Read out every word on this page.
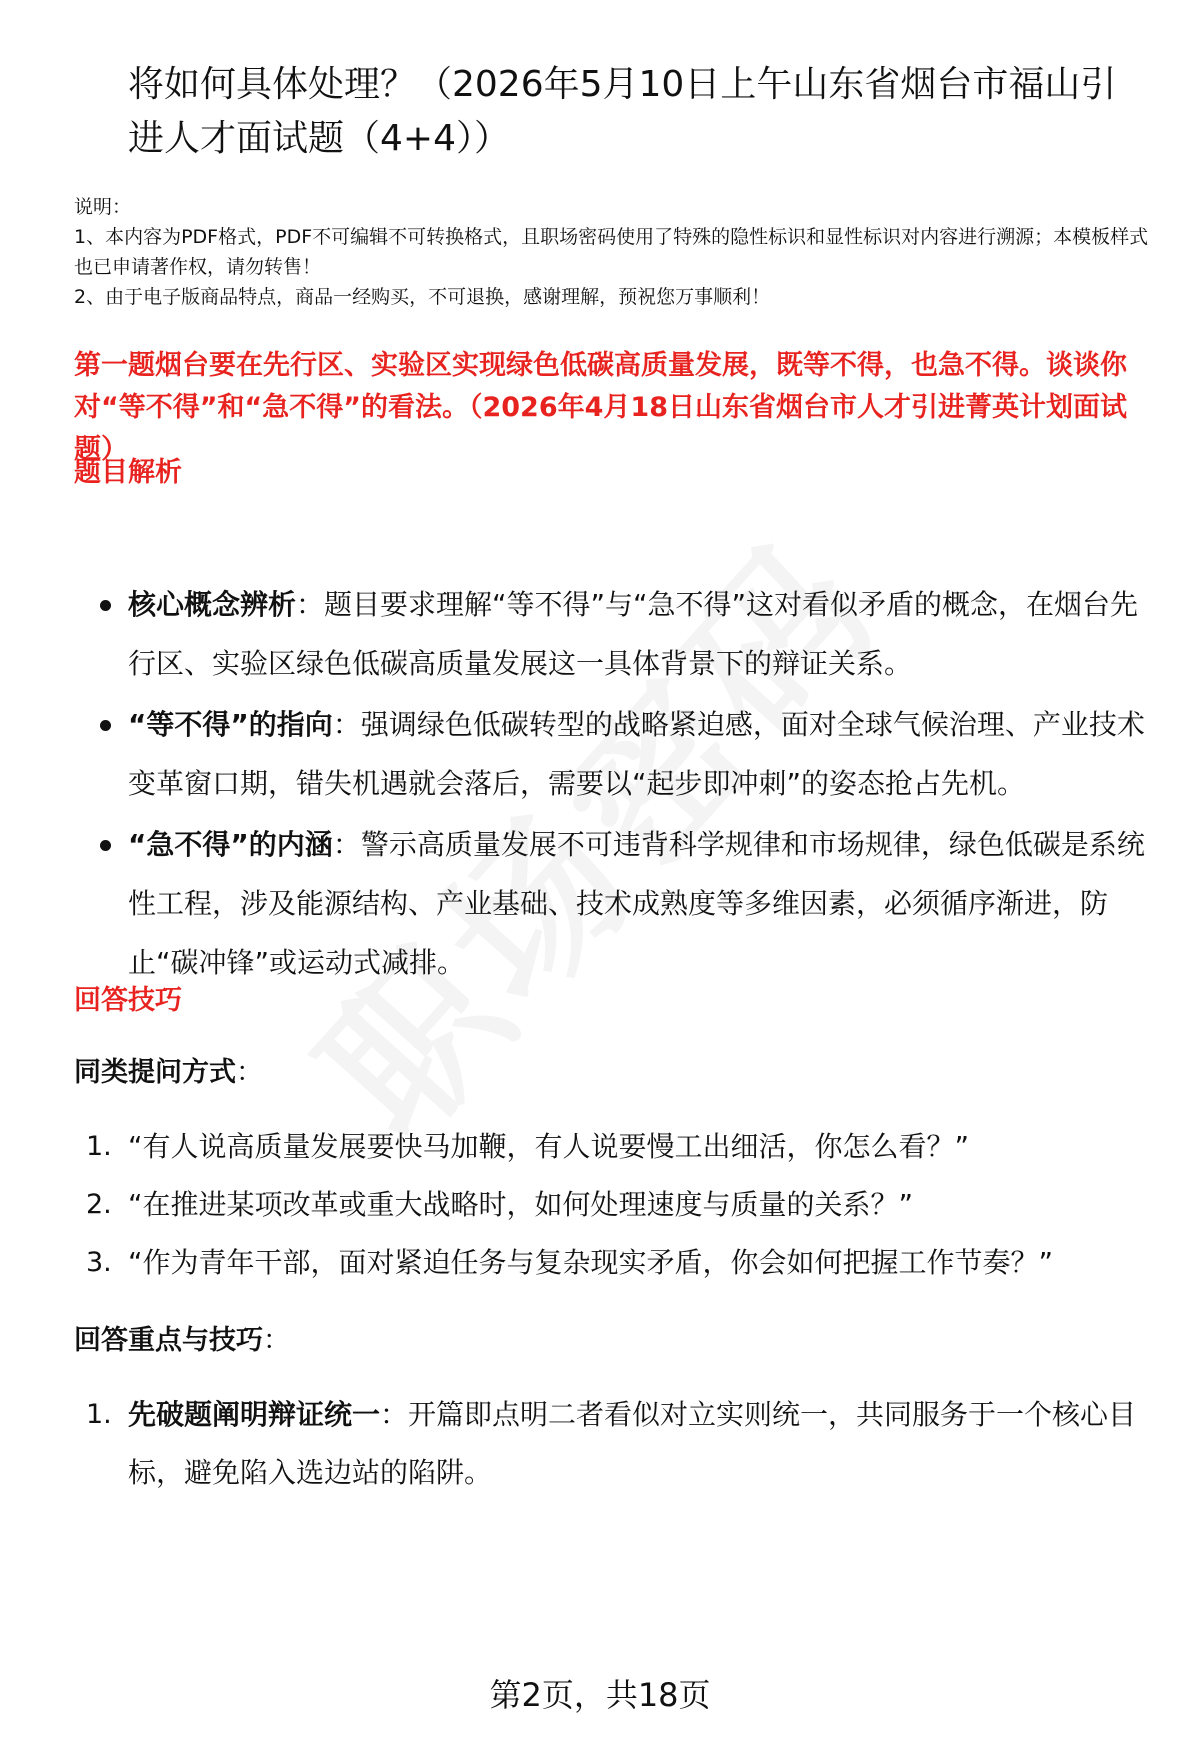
将如何具体处理？（2026年5月10日上午山东省烟台市福山引进人才面试题（4+4））
说明：
1、本内容为PDF格式，PDF不可编辑不可转换格式，且职场密码使用了特殊的隐性标识和显性标识对内容进行溯源；本模板样式也已申请著作权，请勿转售！
2、由于电子版商品特点，商品一经购买，不可退换，感谢理解，预祝您万事顺利！
第一题烟台要在先行区、实验区实现绿色低碳高质量发展，既等不得，也急不得。谈谈你对“等不得”和“急不得”的看法。（2026年4月18日山东省烟台市人才引进菁英计划面试题）
题目解析
核心概念辨析：题目要求理解“等不得”与“急不得”这对看似矛盾的概念，在烟台先行区、实验区绿色低碳高质量发展这一具体背景下的辩证关系。
“等不得”的指向：强调绿色低碳转型的战略紧迫感，面对全球气候治理、产业技术变革窗口期，错失机遇就会落后，需要以“起步即冲刺”的姿态抢占先机。
“急不得”的内涵：警示高质量发展不可违背科学规律和市场规律，绿色低碳是系统性工程，涉及能源结构、产业基础、技术成熟度等多维因素，必须循序渐进，防止“碳冲锋”或运动式减排。
回答技巧
同类提问方式：
1. “有人说高质量发展要快马加鞭，有人说要慢工出细活，你怎么看？”
2. “在推进某项改革或重大战略时，如何处理速度与质量的关系？”
3. “作为青年干部，面对紧迫任务与复杂现实矛盾，你会如何把握工作节奏？”
回答重点与技巧：
1. 先破题阐明辩证统一：开篇即点明二者看似对立实则统一，共同服务于一个核心目标，避免陷入选边站的陷阱。
第2页，共18页
